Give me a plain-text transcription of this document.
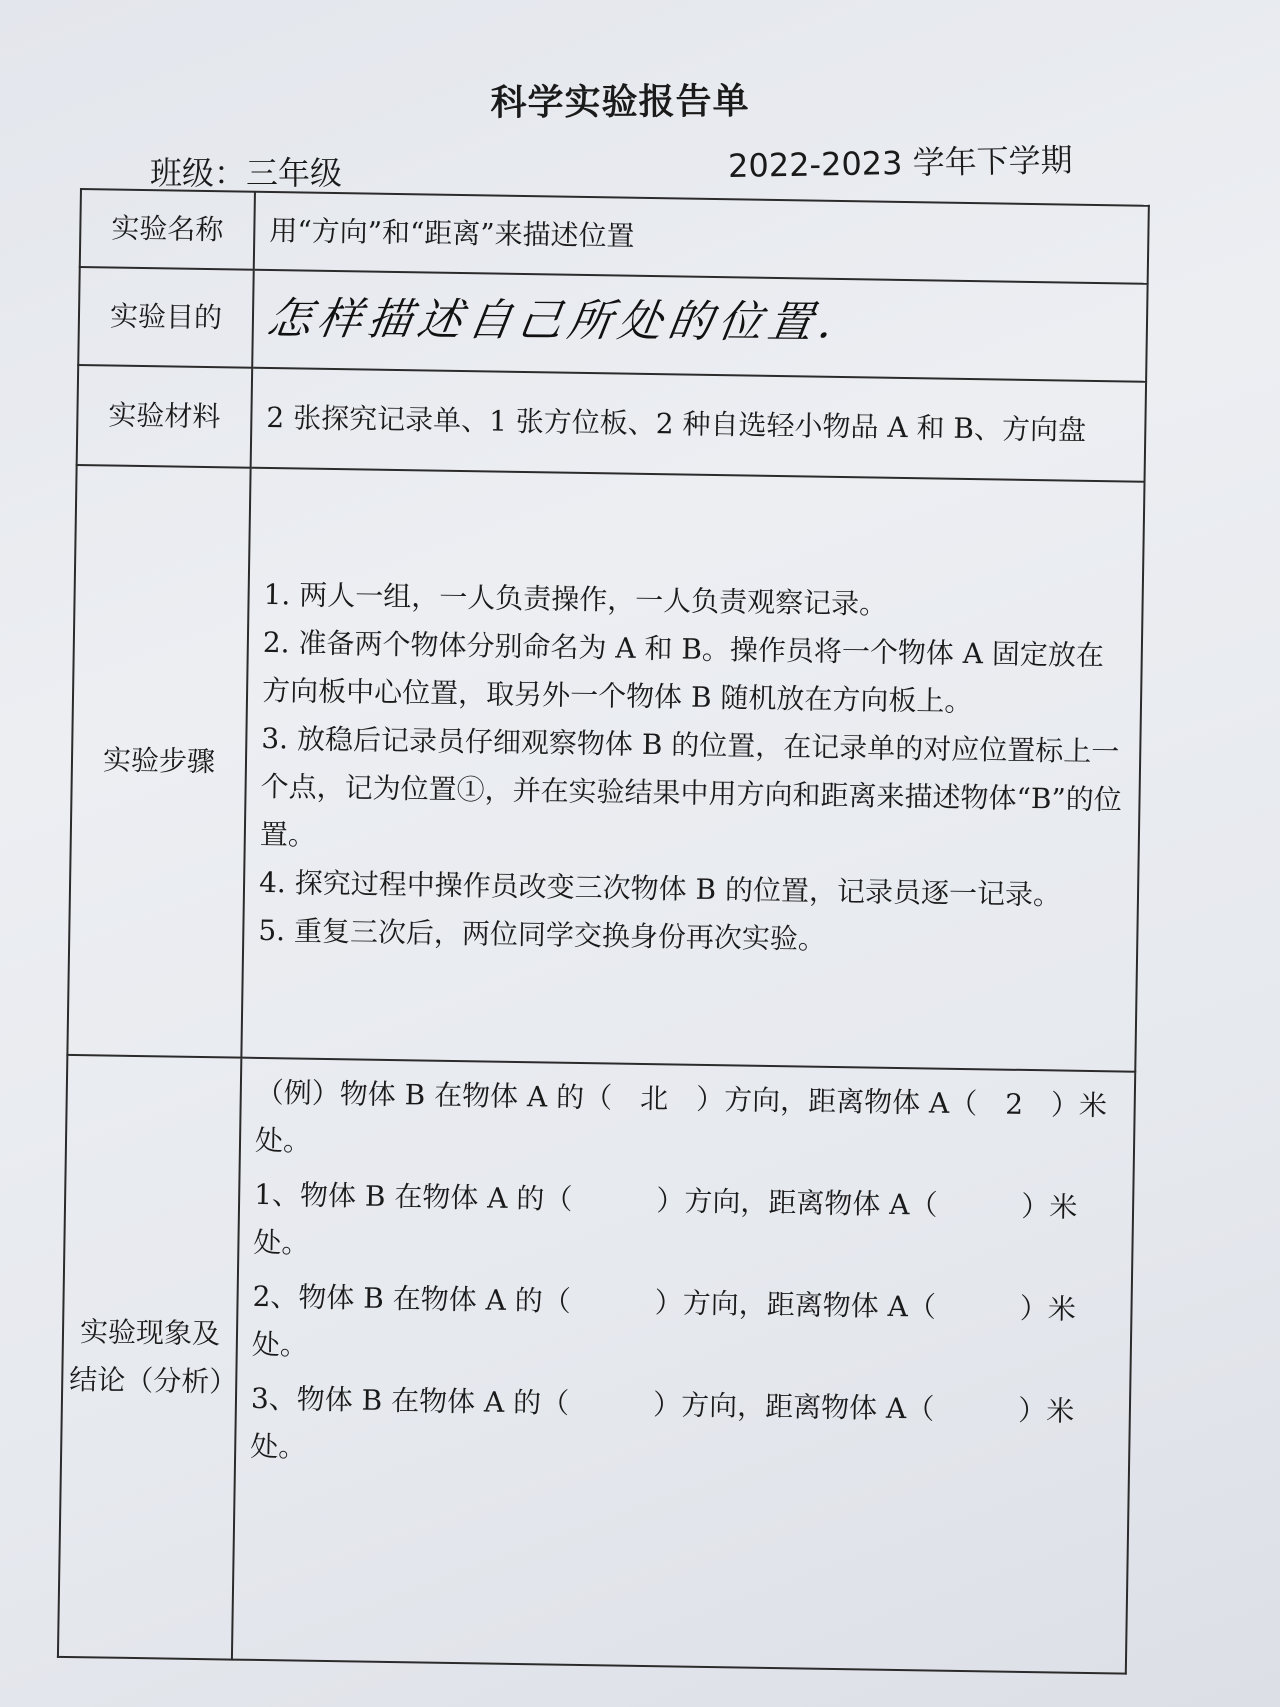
科学实验报告单
班级：三年级	2022-2023 学年下学期
实验名称	用“方向”和“距离”来描述位置
实验目的	怎样描述自己所处的位置.
实验材料	2 张探究记录单、1 张方位板、2 种自选轻小物品 A 和 B、方向盘
实验步骤	1. 两人一组，一人负责操作，一人负责观察记录。

2. 准备两个物体分别命名为 A 和 B。操作员将一个物体 A 固定放在方向板中心位置，取另外一个物体 B 随机放在方向板上。

3. 放稳后记录员仔细观察物体 B 的位置，在记录单的对应位置标上一个点，记为位置①，并在实验结果中用方向和距离来描述物体“B”的位置。

4. 探究过程中操作员改变三次物体 B 的位置，记录员逐一记录。

5. 重复三次后，两位同学交换身份再次实验。

实验现象及结论（分析）	（例）物体 B 在物体 A 的（　北　）方向，距离物体 A（　2　）米处。

1、物体 B 在物体 A 的（　　　）方向，距离物体 A（　　　）米处。

2、物体 B 在物体 A 的（　　　）方向，距离物体 A（　　　）米处。

3、物体 B 在物体 A 的（　　　）方向，距离物体 A（　　　）米处。
